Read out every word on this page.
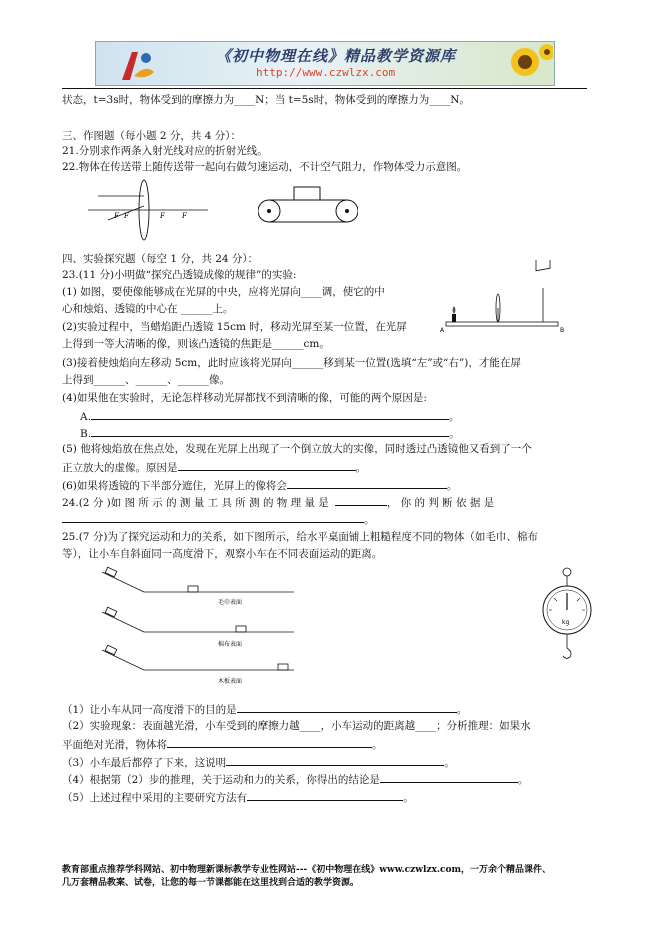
《初中物理在线》精品教学资源库
http://www.czwlzx.com
状态，t=3s时，物体受到的摩擦力为____N；当 t=5s时，物体受到的摩擦力为____N。
三、作图题（每小题 2 分，共 4 分）：
21.分别求作两条入射光线对应的折射光线。
22.物体在传送带上随传送带一起向右做匀速运动，不计空气阻力，作物体受力示意图。
F F	F F
四、实验探究题（每空 1 分，共 24 分）：
23.(11 分)小明做“探究凸透镜成像的规律”的实验:
(1) 如图，要使像能够成在光屏的中央，应将光屏向____调，使它的中
心和烛焰、透镜的中心在 ______上。
(2)实验过程中，当蜡焰距凸透镜 15cm 时，移动光屏至某一位置，在光屏
上得到一等大清晰的像，则该凸透镜的焦距是______cm。
A	B
(3)接着使烛焰向左移动 5cm，此时应该将光屏向______移到某一位置(选填“左”或“右”)，才能在屏
上得到______、______、______像。
(4)如果他在实验时，无论怎样移动光屏都找不到清晰的像，可能的两个原因是:
A.	。
B.	。
(5) 他将烛焰放在焦点处，发现在光屏上出现了一个倒立放大的实像，同时透过凸透镜他又看到了一个
正立放大的虚像。原因是	。
(6)如果将透镜的下半部分遮住，光屏上的像将会	。
24.(2 分 )如 图 所 示 的 测 量 工 具 所 测 的 物 理 量 是	， 你 的 判 断 依 据 是
。
25.(7 分)为了探究运动和力的关系，如下图所示，给水平桌面铺上粗糙程度不同的物体（如毛巾、棉布
等），让小车自斜面同一高度滑下，观察小车在不同表面运动的距离。
毛巾表面
棉布表面
木板表面
kg
（1）让小车从同一高度滑下的目的是	。
（2）实验现象：表面越光滑，小车受到的摩擦力越____，小车运动的距离越____；分析推理：如果水
平面绝对光滑，物体将	。
（3）小车最后都停了下来，这说明	。
（4）根据第（2）步的推理，关于运动和力的关系，你得出的结论是	。
（5）上述过程中采用的主要研究方法有	。
教育部重点推荐学科网站、初中物理新课标教学专业性网站---《初中物理在线》www.czwlzx.com，一万余个精品课件、
几万套精品教案、试卷，让您的每一节课都能在这里找到合适的教学资源。
